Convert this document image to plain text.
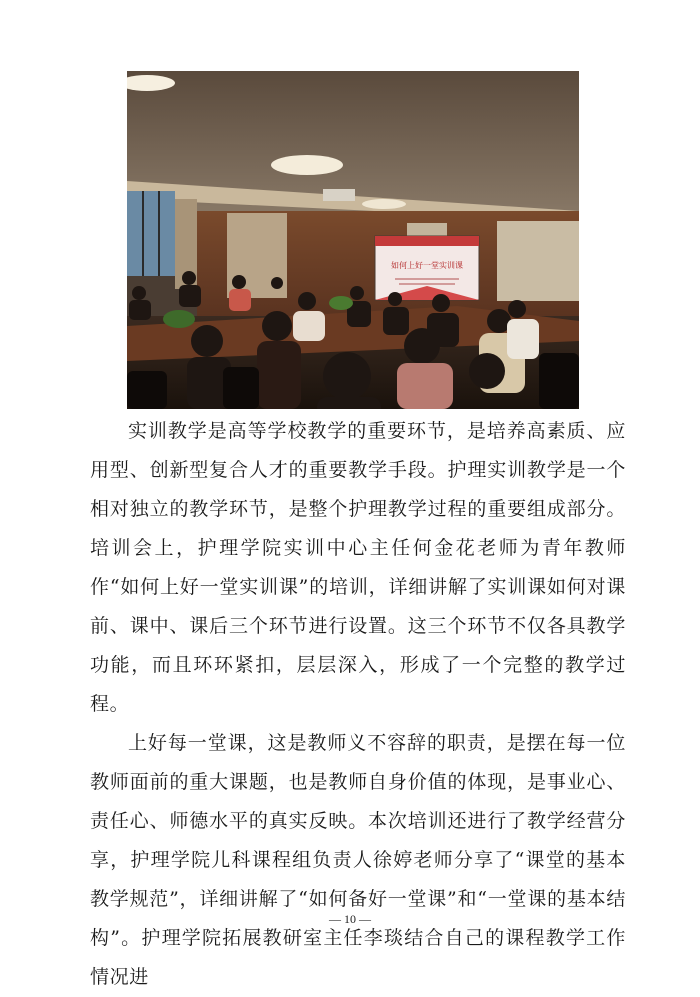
如何上好一堂实训课

实训教学是高等学校教学的重要环节，是培养高素质、应用型、创新型复合人才的重要教学手段。护理实训教学是一个相对独立的教学环节，是整个护理教学过程的重要组成部分。培训会上，护理学院实训中心主任何金花老师为青年教师作“如何上好一堂实训课”的培训，详细讲解了实训课如何对课前、课中、课后三个环节进行设置。这三个环节不仅各具教学功能，而且环环紧扣，层层深入，形成了一个完整的教学过程。

上好每一堂课，这是教师义不容辞的职责，是摆在每一位教师面前的重大课题，也是教师自身价值的体现，是事业心、责任心、师德水平的真实反映。本次培训还进行了教学经营分享，护理学院儿科课程组负责人徐婷老师分享了“课堂的基本教学规范”，详细讲解了“如何备好一堂课”和“一堂课的基本结构”。护理学院拓展教研室主任李琰结合自己的课程教学工作情况进

— 10 —
